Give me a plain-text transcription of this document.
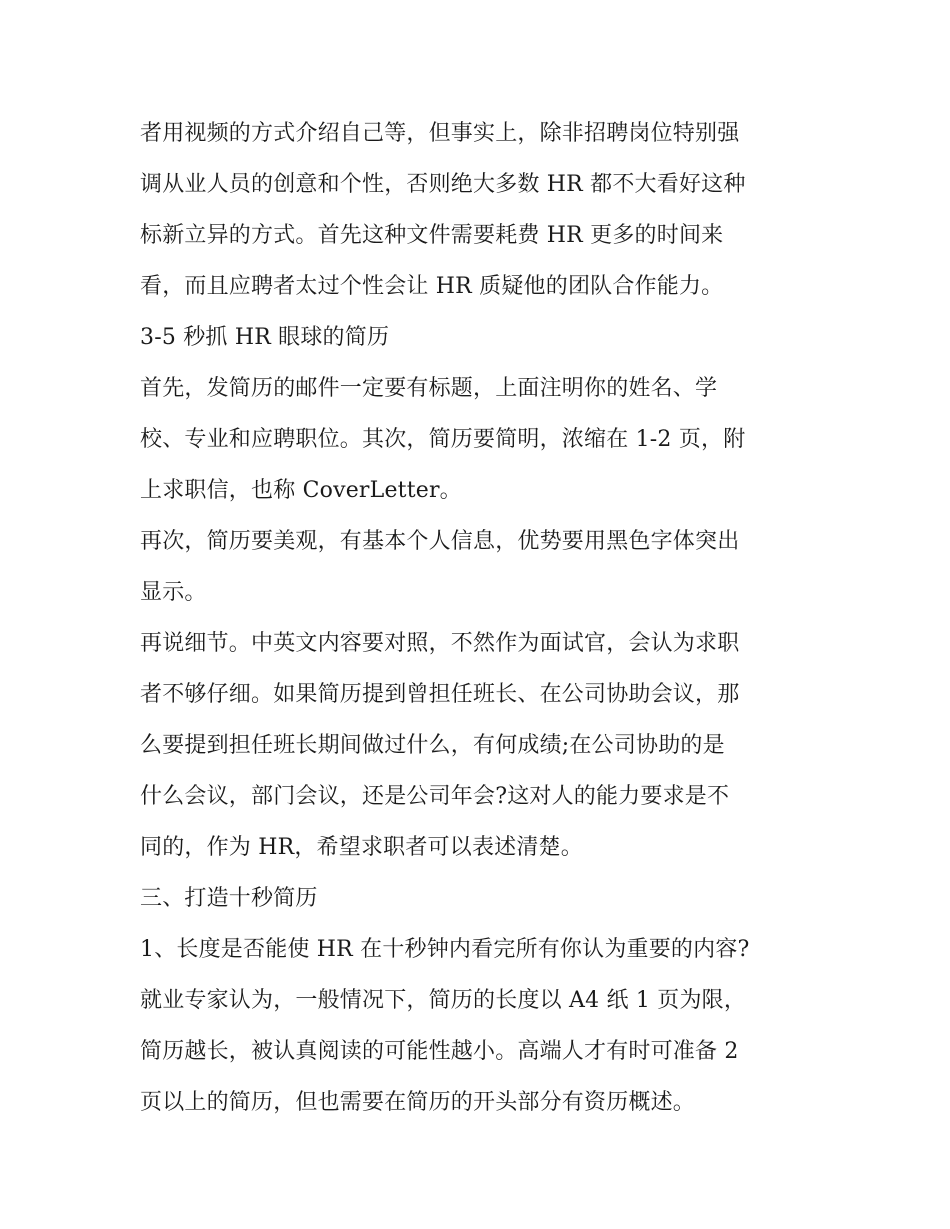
者用视频的方式介绍自己等，但事实上，除非招聘岗位特别强
调从业人员的创意和个性，否则绝大多数 HR 都不大看好这种
标新立异的方式。首先这种文件需要耗费 HR 更多的时间来
看，而且应聘者太过个性会让 HR 质疑他的团队合作能力。
3-5 秒抓 HR 眼球的简历
首先，发简历的邮件一定要有标题，上面注明你的姓名、学
校、专业和应聘职位。其次，简历要简明，浓缩在 1-2 页，附
上求职信，也称 CoverLetter。
再次，简历要美观，有基本个人信息，优势要用黑色字体突出
显示。
再说细节。中英文内容要对照，不然作为面试官，会认为求职
者不够仔细。如果简历提到曾担任班长、在公司协助会议，那
么要提到担任班长期间做过什么，有何成绩;在公司协助的是
什么会议，部门会议，还是公司年会?这对人的能力要求是不
同的，作为 HR，希望求职者可以表述清楚。
三、打造十秒简历
1、长度是否能使 HR 在十秒钟内看完所有你认为重要的内容?
就业专家认为，一般情况下，简历的长度以 A4 纸 1 页为限，
简历越长，被认真阅读的可能性越小。高端人才有时可准备 2
页以上的简历，但也需要在简历的开头部分有资历概述。
